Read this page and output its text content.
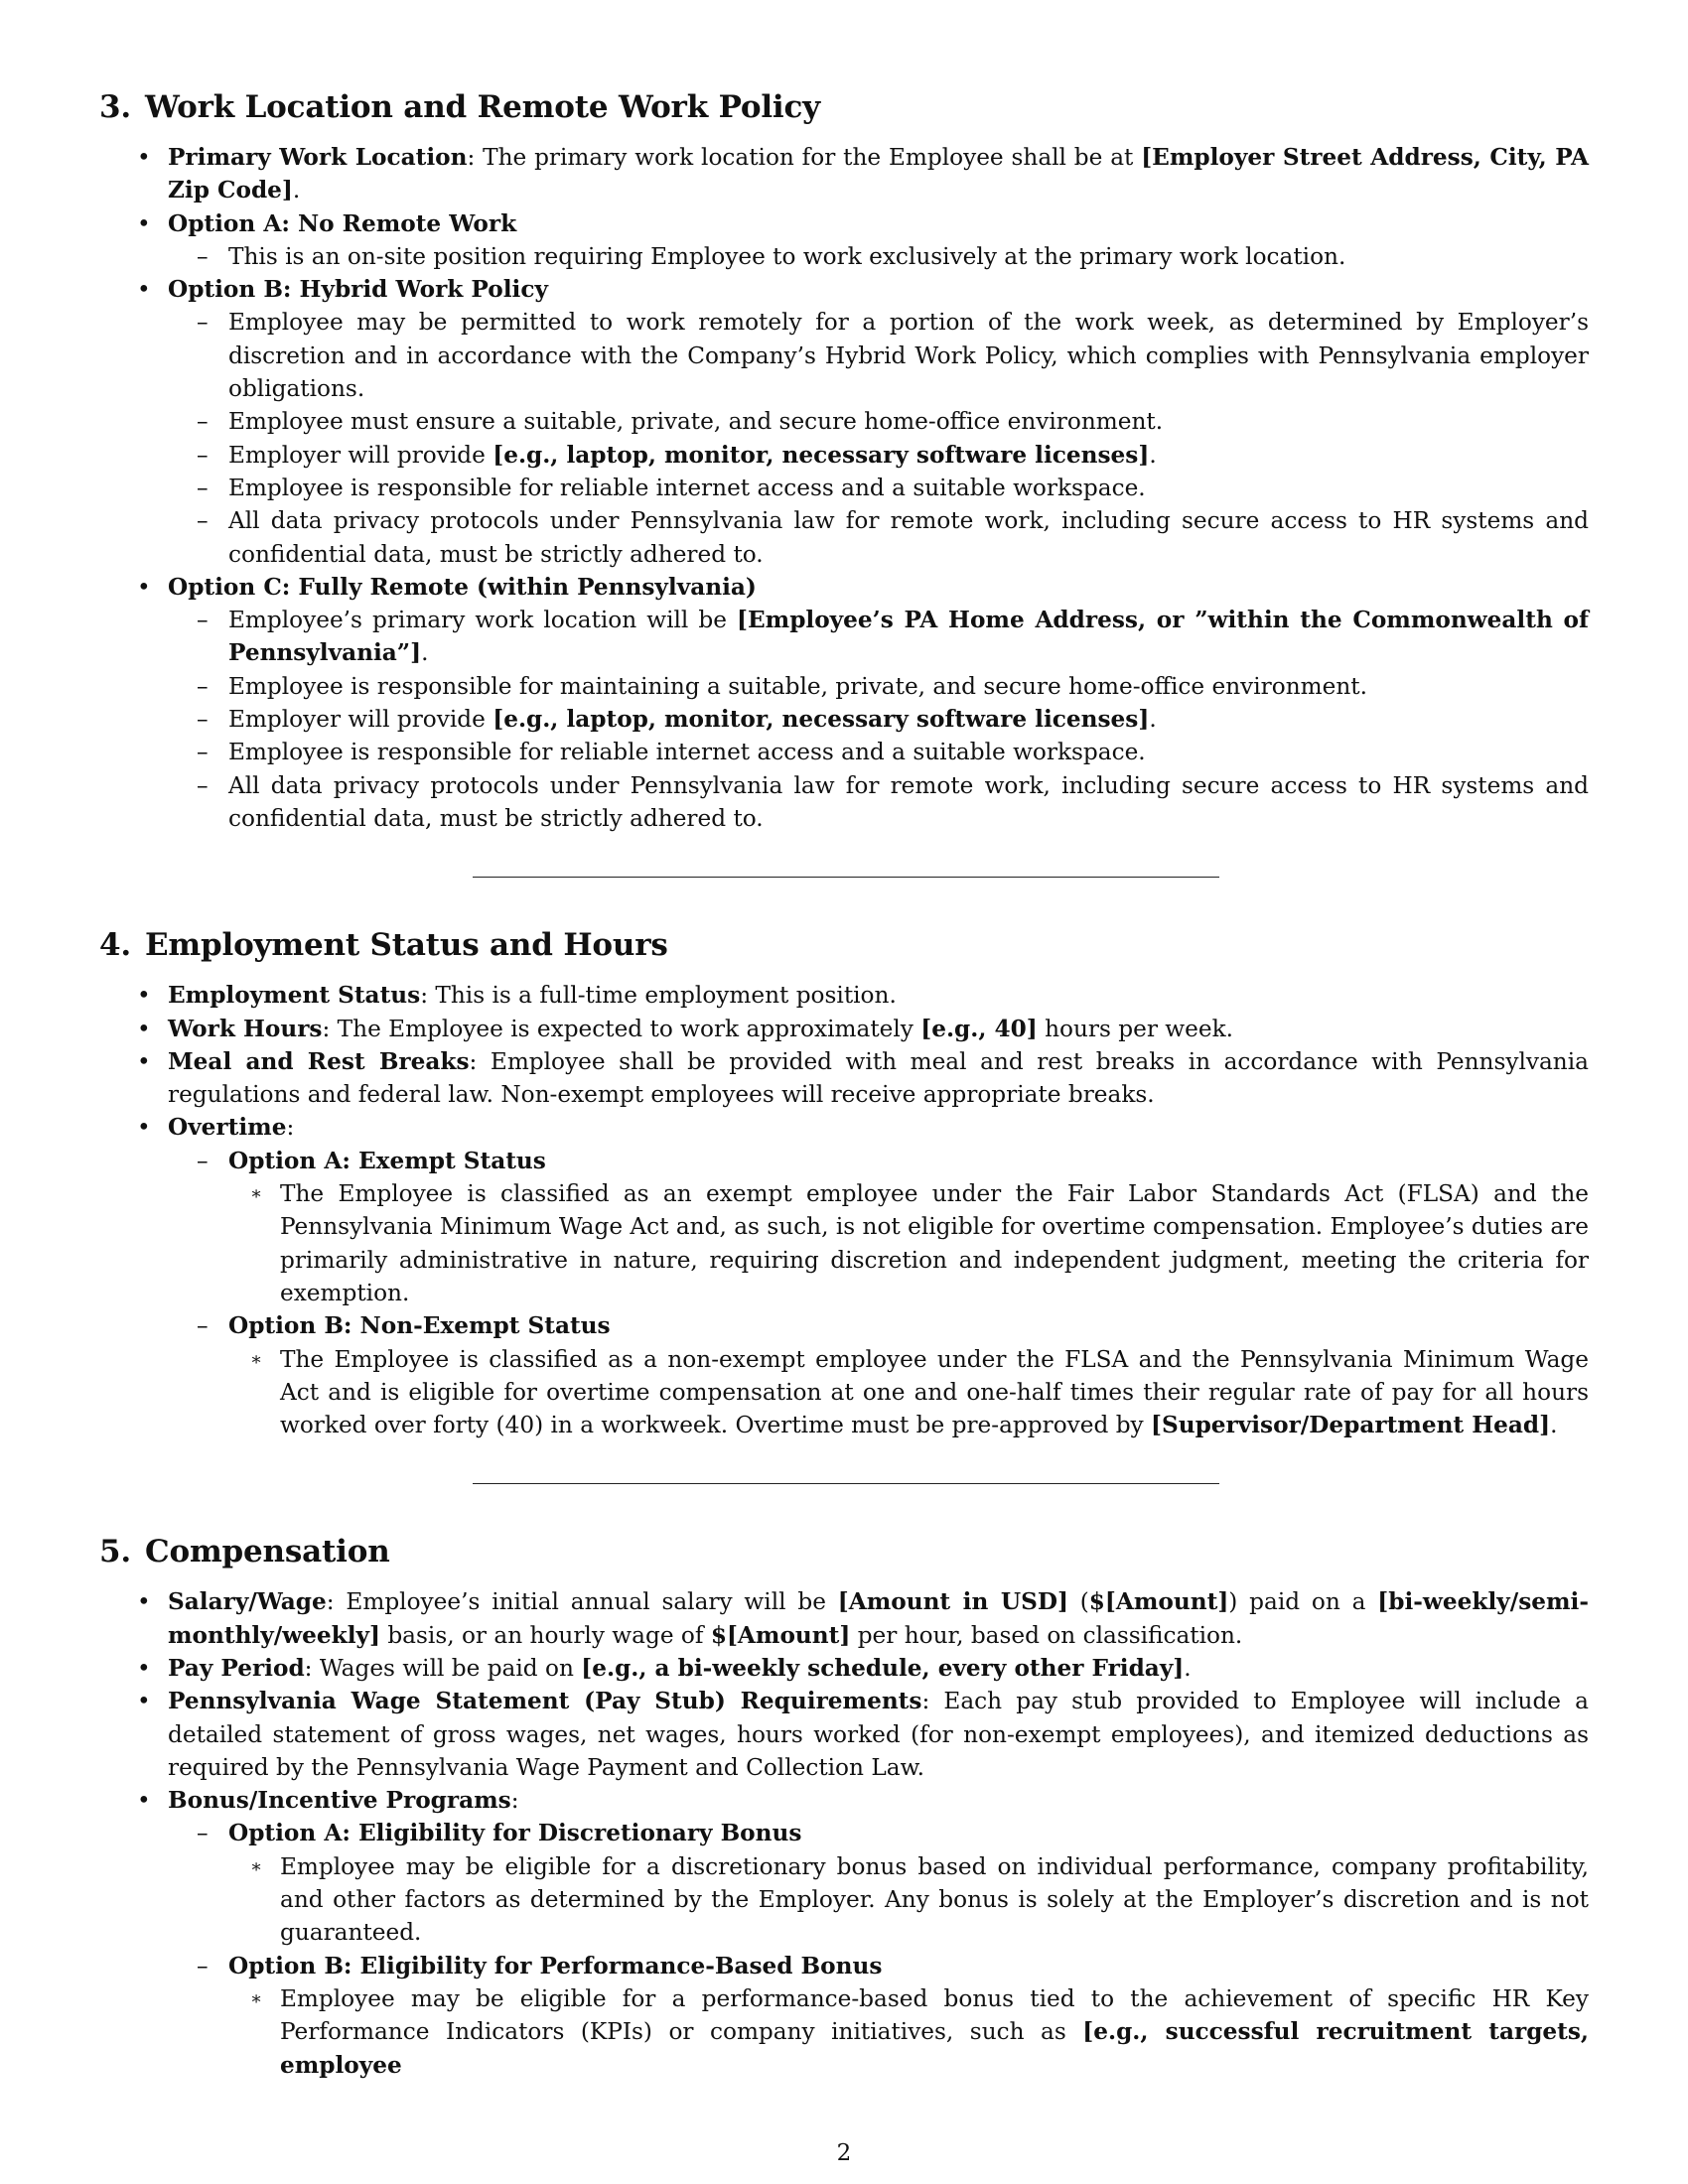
3. Work Location and Remote Work Policy
• Primary Work Location: The primary work location for the Employee shall be at [Employer Street Address, City, PA Zip Code].
• Option A: No Remote Work
– This is an on-site position requiring Employee to work exclusively at the primary work location.
• Option B: Hybrid Work Policy
– Employee may be permitted to work remotely for a portion of the work week, as determined by Employer’s discretion and in accordance with the Company’s Hybrid Work Policy, which complies with Pennsylvania employer obligations.
– Employee must ensure a suitable, private, and secure home-office environment.
– Employer will provide [e.g., laptop, monitor, necessary software licenses].
– Employee is responsible for reliable internet access and a suitable workspace.
– All data privacy protocols under Pennsylvania law for remote work, including secure access to HR systems and confidential data, must be strictly adhered to.
• Option C: Fully Remote (within Pennsylvania)
– Employee’s primary work location will be [Employee’s PA Home Address, or ”within the Commonwealth of Pennsylvania”].
– Employee is responsible for maintaining a suitable, private, and secure home-office environment.
– Employer will provide [e.g., laptop, monitor, necessary software licenses].
– Employee is responsible for reliable internet access and a suitable workspace.
– All data privacy protocols under Pennsylvania law for remote work, including secure access to HR systems and confidential data, must be strictly adhered to.
4. Employment Status and Hours
• Employment Status: This is a full-time employment position.
• Work Hours: The Employee is expected to work approximately [e.g., 40] hours per week.
• Meal and Rest Breaks: Employee shall be provided with meal and rest breaks in accordance with Pennsylvania regulations and federal law. Non-exempt employees will receive appropriate breaks.
• Overtime:
– Option A: Exempt Status
∗ The Employee is classified as an exempt employee under the Fair Labor Standards Act (FLSA) and the Pennsylvania Minimum Wage Act and, as such, is not eligible for overtime compensation. Employee’s duties are primarily administrative in nature, requiring discretion and independent judgment, meeting the criteria for exemption.
– Option B: Non-Exempt Status
∗ The Employee is classified as a non-exempt employee under the FLSA and the Pennsylvania Minimum Wage Act and is eligible for overtime compensation at one and one-half times their regular rate of pay for all hours worked over forty (40) in a workweek. Overtime must be pre-approved by [Supervisor/Department Head].
5. Compensation
• Salary/Wage: Employee’s initial annual salary will be [Amount in USD] ($[Amount]) paid on a [bi-weekly/semi-monthly/weekly] basis, or an hourly wage of $[Amount] per hour, based on classification.
• Pay Period: Wages will be paid on [e.g., a bi-weekly schedule, every other Friday].
• Pennsylvania Wage Statement (Pay Stub) Requirements: Each pay stub provided to Employee will include a detailed statement of gross wages, net wages, hours worked (for non-exempt employees), and itemized deductions as required by the Pennsylvania Wage Payment and Collection Law.
• Bonus/Incentive Programs:
– Option A: Eligibility for Discretionary Bonus
∗ Employee may be eligible for a discretionary bonus based on individual performance, company profitability, and other factors as determined by the Employer. Any bonus is solely at the Employer’s discretion and is not guaranteed.
– Option B: Eligibility for Performance-Based Bonus
∗ Employee may be eligible for a performance-based bonus tied to the achievement of specific HR Key Performance Indicators (KPIs) or company initiatives, such as [e.g., successful recruitment targets, employee
2
